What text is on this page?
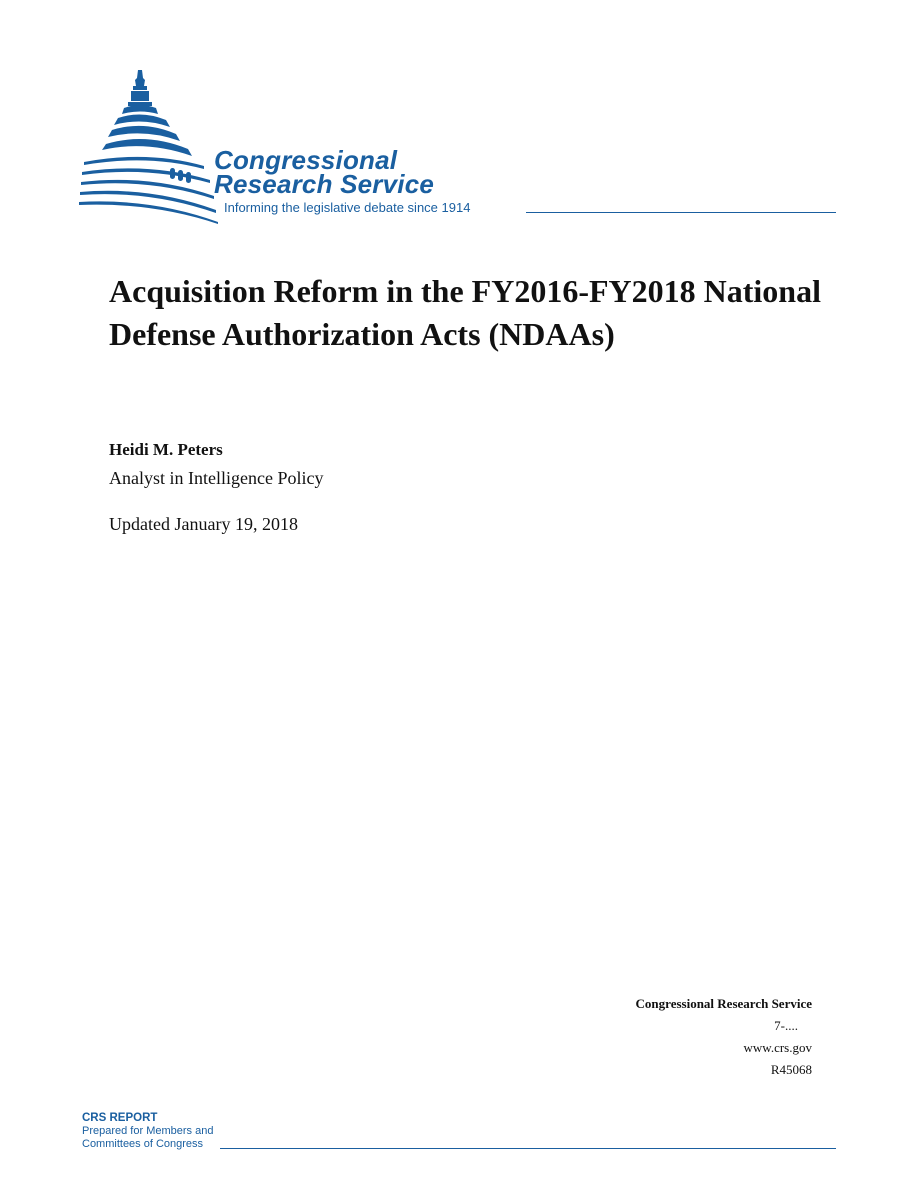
Congressional
Research Service
Informing the legislative debate since 1914
Acquisition Reform in the FY2016-FY2018 National Defense Authorization Acts (NDAAs)
Heidi M. Peters
Analyst in Intelligence Policy
Updated January 19, 2018
Congressional Research Service
7-....
www.crs.gov
R45068
CRS REPORT
Prepared for Members and
Committees of Congress
